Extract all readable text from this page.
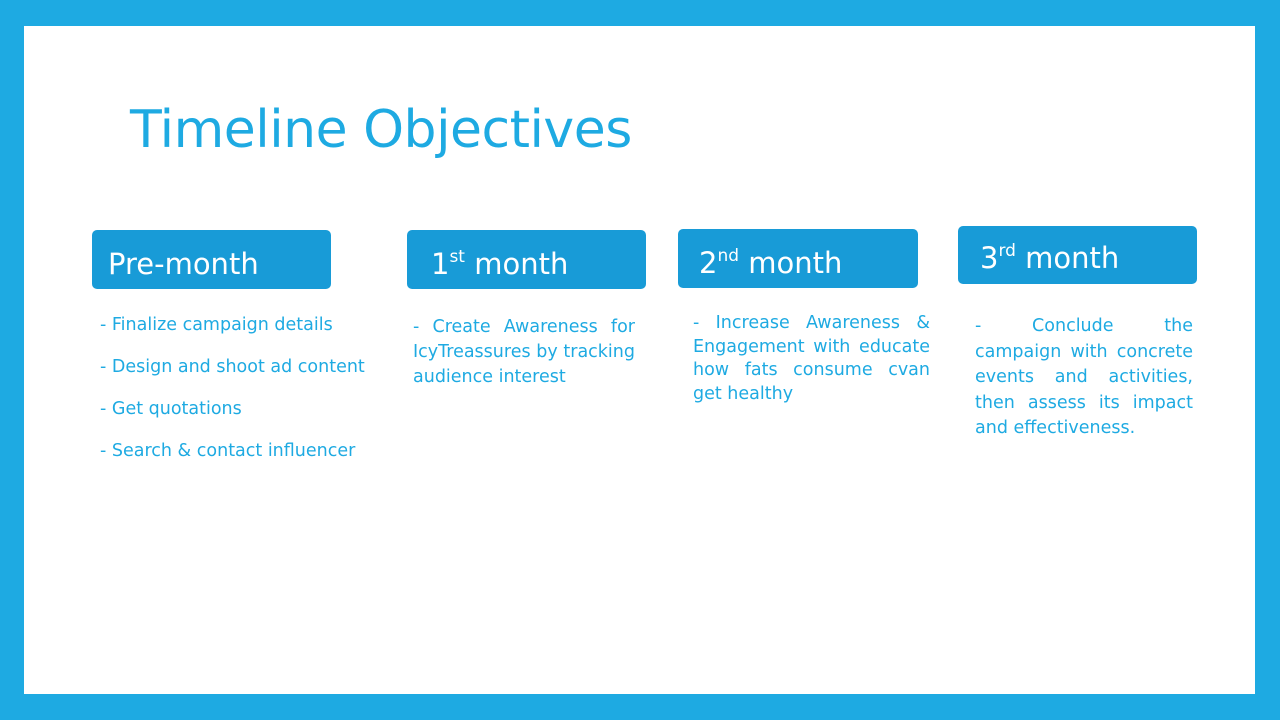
Timeline Objectives
Pre-month

- Finalize campaign details

- Design and shoot ad content

- Get quotations

- Search & contact influencer

1st month

- Create Awareness for IcyTreassures by tracking audience interest

2nd month

- Increase Awareness & Engagement with educate how fats consume cvan get healthy

3rd month

- Conclude the campaign with concrete events and activities, then assess its impact and effectiveness.
